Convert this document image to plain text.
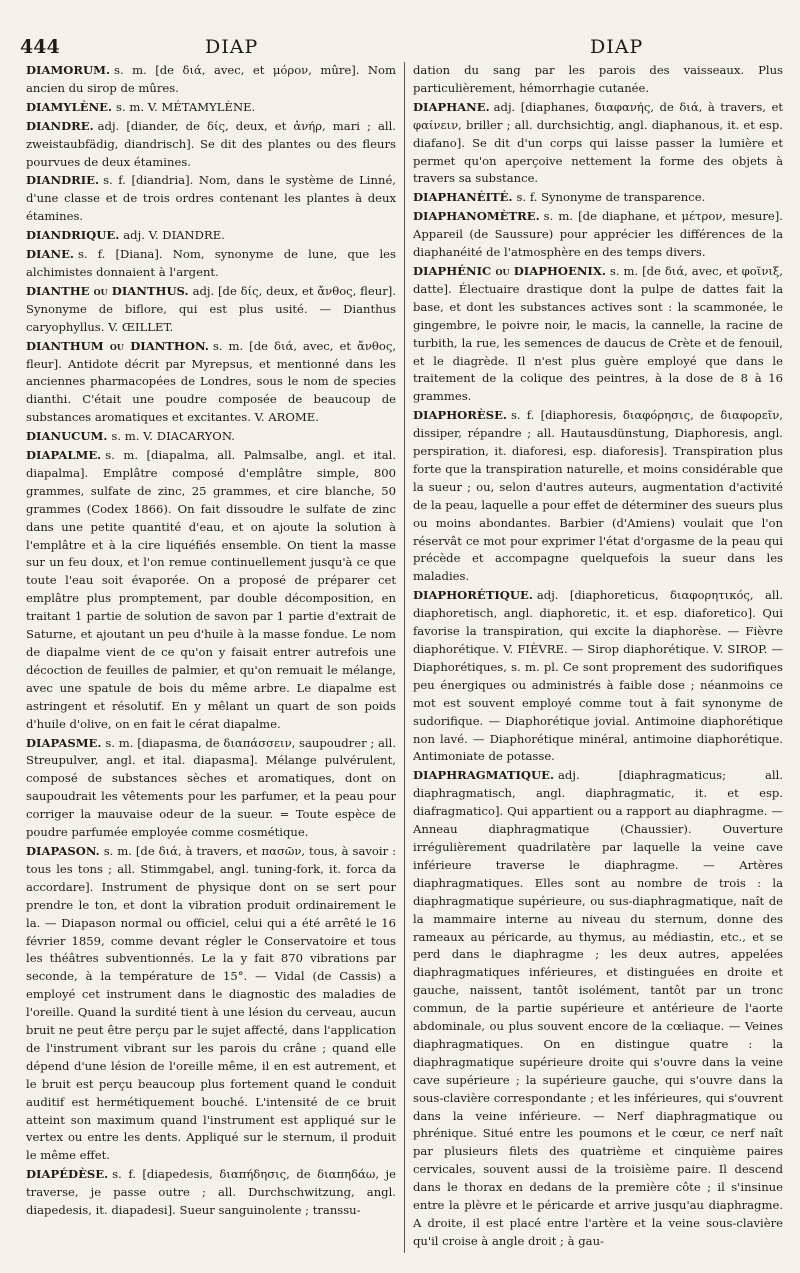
444	DIAP	DIAP

DIAMORUM. s. m. [de διά, avec, et μόρον, mûre]. Nom ancien du sirop de mûres.

DIAMYLÈNE. s. m. V. MÉTAMYLÈNE.

DIANDRE. adj. [diander, de δίς, deux, et ἀνήρ, mari ; all. zweistaubfädig, diandrisch]. Se dit des plantes ou des fleurs pourvues de deux étamines.

DIANDRIE. s. f. [diandria]. Nom, dans le système de Linné, d'une classe et de trois ordres contenant les plantes à deux étamines.

DIANDRIQUE. adj. V. DIANDRE.

DIANE. s. f. [Diana]. Nom, synonyme de lune, que les alchimistes donnaient à l'argent.

DIANTHE ou DIANTHUS. adj. [de δίς, deux, et ἄνθος, fleur]. Synonyme de biflore, qui est plus usité. — Dianthus caryophyllus. V. ŒILLET.

DIANTHUM ou DIANTHON. s. m. [de διά, avec, et ἄνθος, fleur]. Antidote décrit par Myrepsus, et mentionné dans les anciennes pharmacopées de Londres, sous le nom de species dianthi. C'était une poudre composée de beaucoup de substances aromatiques et excitantes. V. AROME.

DIANUCUM. s. m. V. DIACARYON.

DIAPALME. s. m. [diapalma, all. Palmsalbe, angl. et ital. diapalma]. Emplâtre composé d'emplâtre simple, 800 grammes, sulfate de zinc, 25 grammes, et cire blanche, 50 grammes (Codex 1866). On fait dissoudre le sulfate de zinc dans une petite quantité d'eau, et on ajoute la solution à l'emplâtre et à la cire liquéfiés ensemble. On tient la masse sur un feu doux, et l'on remue continuellement jusqu'à ce que toute l'eau soit évaporée. On a proposé de préparer cet emplâtre plus promptement, par double décomposition, en traitant 1 partie de solution de savon par 1 partie d'extrait de Saturne, et ajoutant un peu d'huile à la masse fondue. Le nom de diapalme vient de ce qu'on y faisait entrer autrefois une décoction de feuilles de palmier, et qu'on remuait le mélange, avec une spatule de bois du même arbre. Le diapalme est astringent et résolutif. En y mêlant un quart de son poids d'huile d'olive, on en fait le cérat diapalme.

DIAPASME. s. m. [diapasma, de διαπάσσειν, saupoudrer ; all. Streupulver, angl. et ital. diapasma]. Mélange pulvérulent, composé de substances sèches et aromatiques, dont on saupoudrait les vêtements pour les parfumer, et la peau pour corriger la mauvaise odeur de la sueur. = Toute espèce de poudre parfumée employée comme cosmétique.

DIAPASON. s. m. [de διά, à travers, et πασῶν, tous, à savoir : tous les tons ; all. Stimmgabel, angl. tuning-fork, it. forca da accordare]. Instrument de physique dont on se sert pour prendre le ton, et dont la vibration produit ordinairement le la. — Diapason normal ou officiel, celui qui a été arrêté le 16 février 1859, comme devant régler le Conservatoire et tous les théâtres subventionnés. Le la y fait 870 vibrations par seconde, à la température de 15°. — Vidal (de Cassis) a employé cet instrument dans le diagnostic des maladies de l'oreille. Quand la surdité tient à une lésion du cerveau, aucun bruit ne peut être perçu par le sujet affecté, dans l'application de l'instrument vibrant sur les parois du crâne ; quand elle dépend d'une lésion de l'oreille même, il en est autrement, et le bruit est perçu beaucoup plus fortement quand le conduit auditif est hermétiquement bouché. L'intensité de ce bruit atteint son maximum quand l'instrument est appliqué sur le vertex ou entre les dents. Appliqué sur le sternum, il produit le même effet.

DIAPÉDÈSE. s. f. [diapedesis, διαπήδησις, de διαπηδάω, je traverse, je passe outre ; all. Durchschwitzung, angl. diapedesis, it. diapadesi]. Sueur sanguinolente ; transsu-

dation du sang par les parois des vaisseaux. Plus particulièrement, hémorrhagie cutanée.

DIAPHANE. adj. [diaphanes, διαφανής, de διά, à travers, et φαίνειν, briller ; all. durchsichtig, angl. diaphanous, it. et esp. diafano]. Se dit d'un corps qui laisse passer la lumière et permet qu'on aperçoive nettement la forme des objets à travers sa substance.

DIAPHANÉITÉ. s. f. Synonyme de transparence.

DIAPHANOMÈTRE. s. m. [de diaphane, et μέτρον, mesure]. Appareil (de Saussure) pour apprécier les différences de la diaphanéité de l'atmosphère en des temps divers.

DIAPHÉNIC ou DIAPHOENIX. s. m. [de διά, avec, et φοῖνιξ, datte]. Électuaire drastique dont la pulpe de dattes fait la base, et dont les substances actives sont : la scammonée, le gingembre, le poivre noir, le macis, la cannelle, la racine de turbith, la rue, les semences de daucus de Crète et de fenouil, et le diagrède. Il n'est plus guère employé que dans le traitement de la colique des peintres, à la dose de 8 à 16 grammes.

DIAPHORÈSE. s. f. [diaphoresis, διαφόρησις, de διαφορεῖν, dissiper, répandre ; all. Hautausdünstung, Diaphoresis, angl. perspiration, it. diaforesi, esp. diaforesis]. Transpiration plus forte que la transpiration naturelle, et moins considérable que la sueur ; ou, selon d'autres auteurs, augmentation d'activité de la peau, laquelle a pour effet de déterminer des sueurs plus ou moins abondantes. Barbier (d'Amiens) voulait que l'on réservât ce mot pour exprimer l'état d'orgasme de la peau qui précède et accompagne quelquefois la sueur dans les maladies.

DIAPHORÉTIQUE. adj. [diaphoreticus, διαφορητικός, all. diaphoretisch, angl. diaphoretic, it. et esp. diaforetico]. Qui favorise la transpiration, qui excite la diaphorèse. — Fièvre diaphorétique. V. FIÈVRE. — Sirop diaphorétique. V. SIROP. — Diaphorétiques, s. m. pl. Ce sont proprement des sudorifiques peu énergiques ou administrés à faible dose ; néanmoins ce mot est souvent employé comme tout à fait synonyme de sudorifique. — Diaphorétique jovial. Antimoine diaphorétique non lavé. — Diaphorétique minéral, antimoine diaphorétique. Antimoniate de potasse.

DIAPHRAGMATIQUE. adj. [diaphragmaticus; all. diaphragmatisch, angl. diaphragmatic, it. et esp. diafragmatico]. Qui appartient ou a rapport au diaphragme. — Anneau diaphragmatique (Chaussier). Ouverture irrégulièrement quadrilatère par laquelle la veine cave inférieure traverse le diaphragme. — Artères diaphragmatiques. Elles sont au nombre de trois : la diaphragmatique supérieure, ou sus-diaphragmatique, naît de la mammaire interne au niveau du sternum, donne des rameaux au péricarde, au thymus, au médiastin, etc., et se perd dans le diaphragme ; les deux autres, appelées diaphragmatiques inférieures, et distinguées en droite et gauche, naissent, tantôt isolément, tantôt par un tronc commun, de la partie supérieure et antérieure de l'aorte abdominale, ou plus souvent encore de la cœliaque. — Veines diaphragmatiques. On en distingue quatre : la diaphragmatique supérieure droite qui s'ouvre dans la veine cave supérieure ; la supérieure gauche, qui s'ouvre dans la sous-clavière correspondante ; et les inférieures, qui s'ouvrent dans la veine inférieure. — Nerf diaphragmatique ou phrénique. Situé entre les poumons et le cœur, ce nerf naît par plusieurs filets des quatrième et cinquième paires cervicales, souvent aussi de la troisième paire. Il descend dans le thorax en dedans de la première côte ; il s'insinue entre la plèvre et le péricarde et arrive jusqu'au diaphragme. A droite, il est placé entre l'artère et la veine sous-clavière qu'il croise à angle droit ; à gau-
